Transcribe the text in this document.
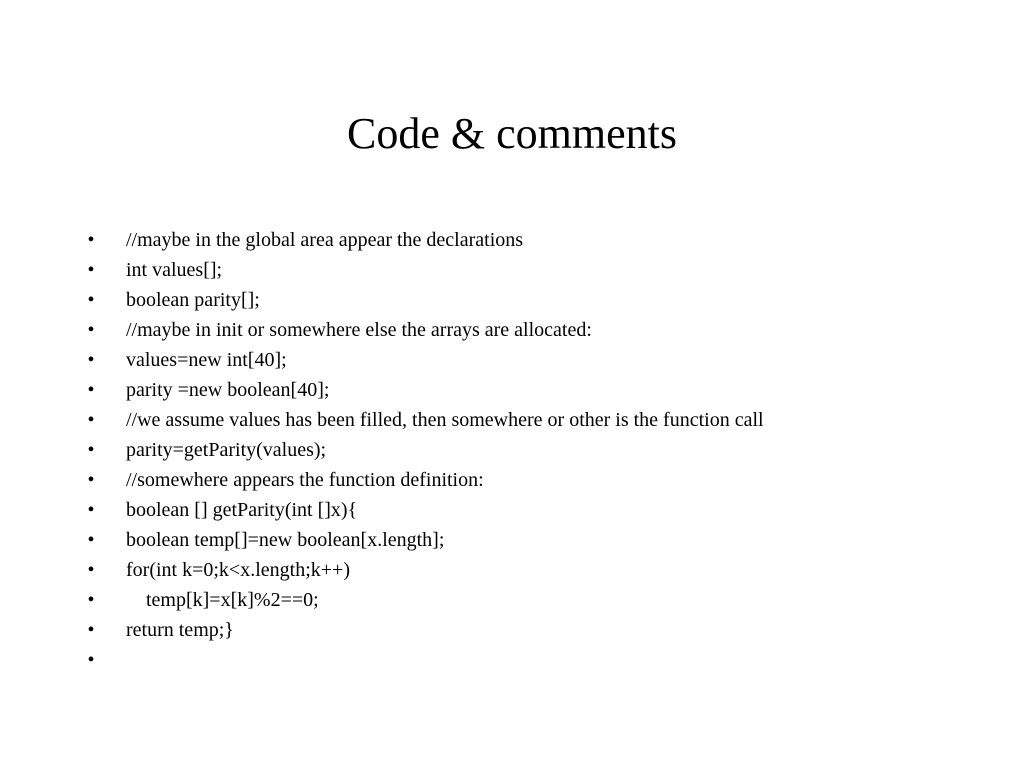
Code & comments
• //maybe in the global area appear the declarations
• int values[];
• boolean parity[];
• //maybe in init or somewhere else the arrays are allocated:
• values=new int[40];
• parity =new boolean[40];
• //we assume values has been filled, then somewhere or other is the function call
• parity=getParity(values);
• //somewhere appears the function definition:
• boolean [] getParity(int []x){
• boolean temp[]=new boolean[x.length];
• for(int k=0;k<x.length;k++)
• temp[k]=x[k]%2==0;
• return temp;}
•
